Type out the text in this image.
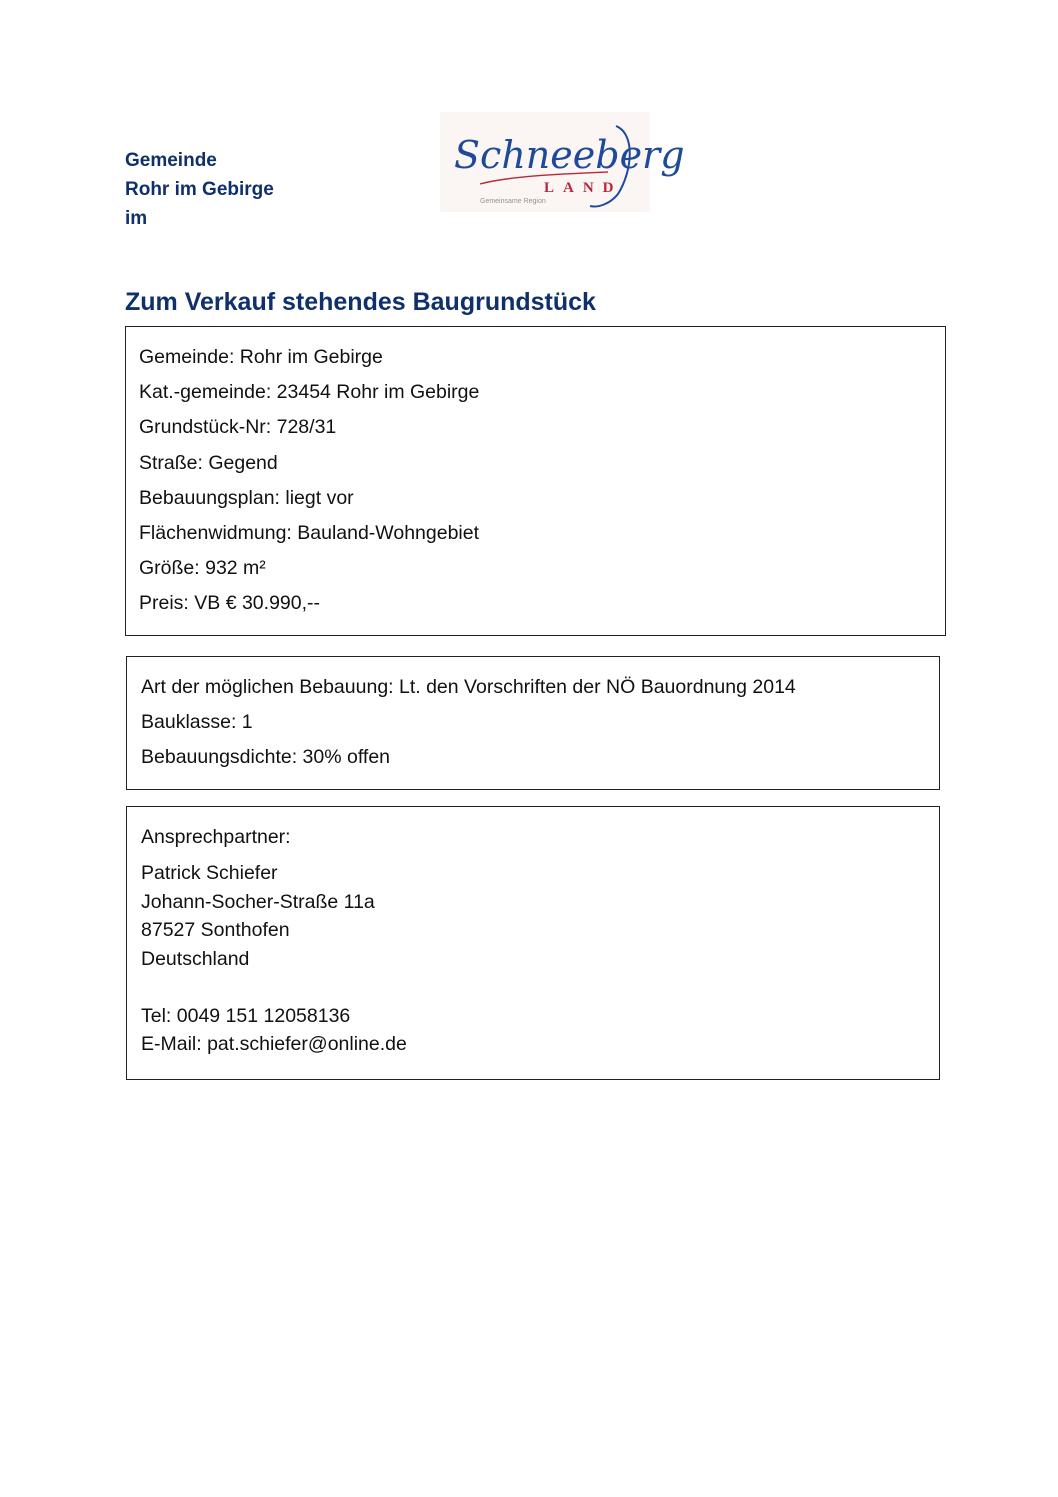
Gemeinde
Rohr im Gebirge
im
Schneeberg
LAND
Gemeinsame Region
Zum Verkauf stehendes Baugrundstück
Gemeinde: Rohr im Gebirge
Kat.-gemeinde: 23454 Rohr im Gebirge
Grundstück-Nr: 728/31
Straße: Gegend
Bebauungsplan: liegt vor
Flächenwidmung: Bauland-Wohngebiet
Größe: 932 m²
Preis: VB € 30.990,--
Art der möglichen Bebauung: Lt. den Vorschriften der NÖ Bauordnung 2014
Bauklasse: 1
Bebauungsdichte: 30% offen
Ansprechpartner:
Patrick Schiefer
Johann-Socher-Straße 11a
87527 Sonthofen
Deutschland
Tel: 0049 151 12058136
E-Mail: pat.schiefer@online.de
